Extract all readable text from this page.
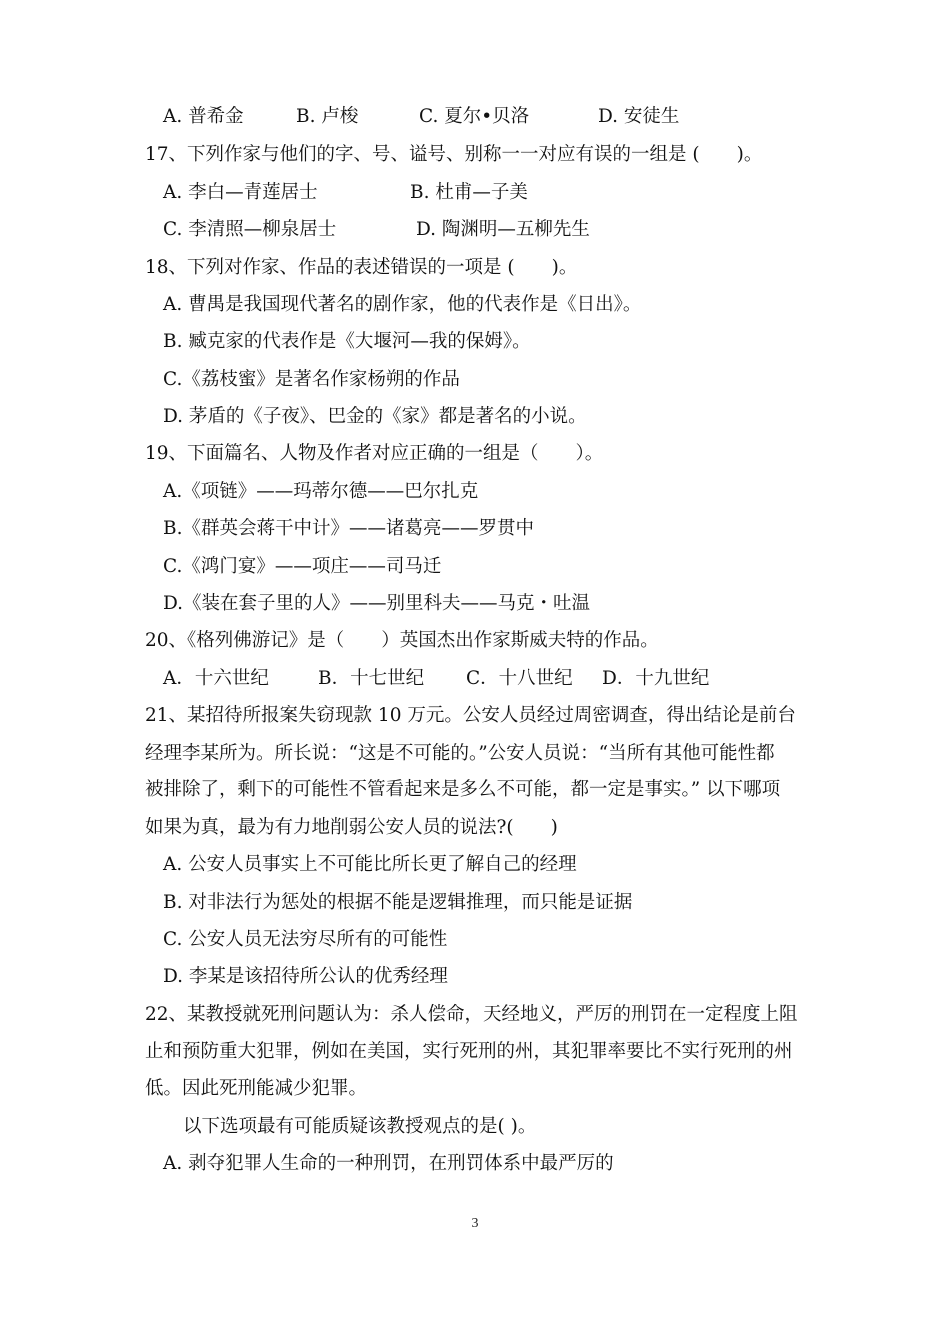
A. 普希金	B. 卢梭	C. 夏尔•贝洛	D. 安徒生
17、下列作家与他们的字、号、谥号、别称一一对应有误的一组是 (　　)。
A. 李白—青莲居士	B. 杜甫—子美
C. 李清照—柳泉居士	D. 陶渊明—五柳先生
18、下列对作家、作品的表述错误的一项是 (　　)。
A. 曹禺是我国现代著名的剧作家，他的代表作是《日出》。
B. 臧克家的代表作是《大堰河—我的保姆》。
C.《荔枝蜜》是著名作家杨朔的作品
D. 茅盾的《子夜》、巴金的《家》都是著名的小说。
19、下面篇名、人物及作者对应正确的一组是（　　）。
A.《项链》——玛蒂尔德——巴尔扎克
B.《群英会蒋干中计》——诸葛亮——罗贯中
C.《鸿门宴》——项庄——司马迁
D.《装在套子里的人》——别里科夫——马克・吐温
20、《格列佛游记》是（　　）英国杰出作家斯威夫特的作品。
A．十六世纪	B．十七世纪 C．十八世纪 D．十九世纪
21、某招待所报案失窃现款 10 万元。公安人员经过周密调查，得出结论是前台
经理李某所为。所长说：“这是不可能的。”公安人员说：“当所有其他可能性都
被排除了，剩下的可能性不管看起来是多么不可能，都一定是事实。” 以下哪项
如果为真，最为有力地削弱公安人员的说法?(　　)
A. 公安人员事实上不可能比所长更了解自己的经理
B. 对非法行为惩处的根据不能是逻辑推理，而只能是证据
C. 公安人员无法穷尽所有的可能性
D. 李某是该招待所公认的优秀经理
22、某教授就死刑问题认为：杀人偿命，天经地义，严厉的刑罚在一定程度上阻
止和预防重大犯罪，例如在美国，实行死刑的州，其犯罪率要比不实行死刑的州
低。因此死刑能减少犯罪。
以下选项最有可能质疑该教授观点的是( )。
A. 剥夺犯罪人生命的一种刑罚，在刑罚体系中最严厉的
3
